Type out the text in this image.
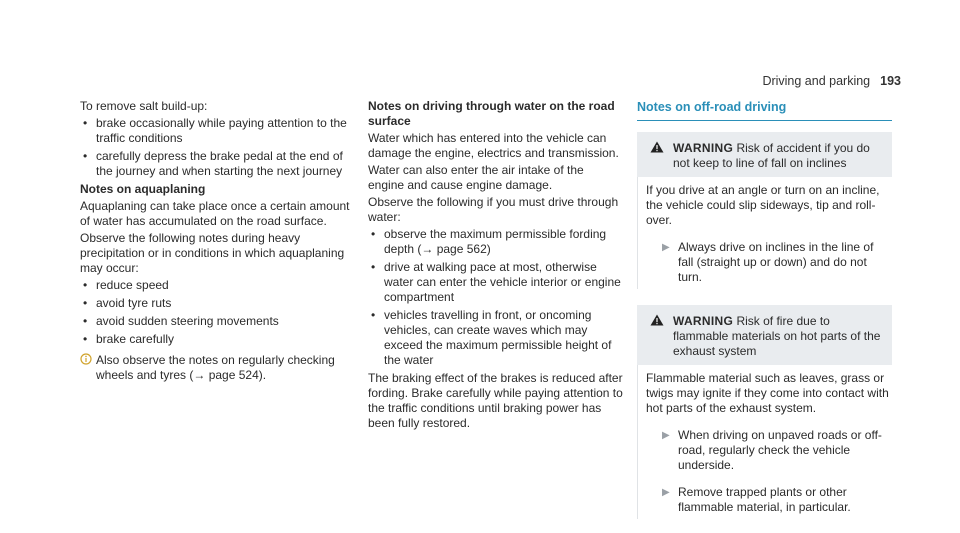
Driving and parking 193

To remove salt build-up:

• brake occasionally while paying attention to the traffic conditions
• carefully depress the brake pedal at the end of the journey and when starting the next journey

Notes on aquaplaning

Aquaplaning can take place once a certain amount of water has accumulated on the road surface.

Observe the following notes during heavy precipitation or in conditions in which aquaplaning may occur:

• reduce speed
• avoid tyre ruts
• avoid sudden steering movements
• brake carefully
Also observe the notes on regularly checking wheels and tyres (→ page 524).

Notes on driving through water on the road surface

Water which has entered into the vehicle can damage the engine, electrics and transmission.

Water can also enter the air intake of the engine and cause engine damage.

Observe the following if you must drive through water:

• observe the maximum permissible fording depth (→ page 562)
• drive at walking pace at most, otherwise water can enter the vehicle interior or engine compartment
• vehicles travelling in front, or oncoming vehicles, can create waves which may exceed the maximum permissible height of the water

The braking effect of the brakes is reduced after fording. Brake carefully while paying attention to the traffic conditions until braking power has been fully restored.

Notes on off-road driving
WARNING Risk of accident if you do not keep to line of fall on inclines

If you drive at an angle or turn on an incline, the vehicle could slip sideways, tip and roll-over.

▶ Always drive on inclines in the line of fall (straight up or down) and do not turn.
WARNING Risk of fire due to flammable materials on hot parts of the exhaust system

Flammable material such as leaves, grass or twigs may ignite if they come into contact with hot parts of the exhaust system.

▶ When driving on unpaved roads or off-road, regularly check the vehicle underside.
▶ Remove trapped plants or other flammable material, in particular.
